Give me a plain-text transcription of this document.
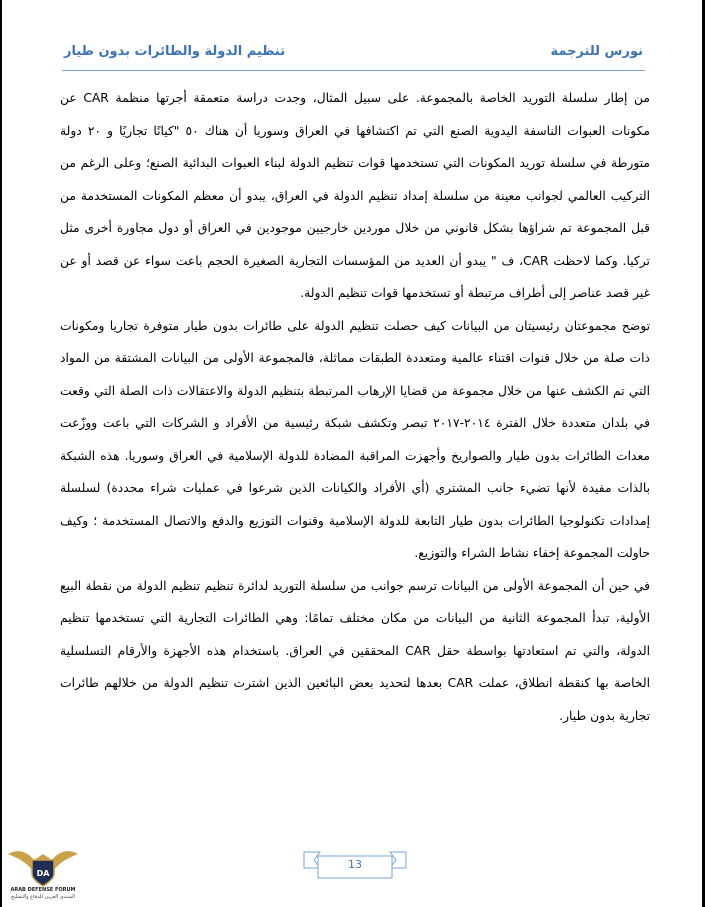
نورس للترجمة
تنظيم الدولة والطائرات بدون طيار

من إطار سلسلة التوريد الخاصة بالمجموعة. على سبيل المثال، وجدت دراسة متعمقة أجرتها منظمة CAR عن مكونات العبوات الناسفة اليدوية الصنع التي تم اكتشافها في العراق وسوريا أن هناك ٥٠ "كيانًا تجاريًا و ٢٠ دولة متورطة في سلسلة توريد المكونات التي تستخدمها قوات تنظيم الدولة لبناء العبوات البدائية الصنع؛ وعلى الرغم من التركيب العالمي لجوانب معينة من سلسلة إمداد تنظيم الدولة في العراق، يبدو أن معظم المكونات المستخدمة من قبل المجموعة تم شراؤها بشكل قانوني من خلال موردين خارجيين موجودين في العراق أو دول مجاورة أخرى مثل تركيا. وكما لاحظت CAR، ف " يبدو أن العديد من المؤسسات التجارية الصغيرة الحجم باعت سواء عن قصد أو عن غير قصد عناصر إلى أطراف مرتبطة أو تستخدمها قوات تنظيم الدولة.

توضح مجموعتان رئيسيتان من البيانات كيف حصلت تنظيم الدولة على طائرات بدون طيار متوفرة تجاريا ومكونات ذات صلة من خلال قنوات اقتناء عالمية ومتعددة الطبقات مماثلة، فالمجموعة الأولى من البيانات المشتقة من المواد التي تم الكشف عنها من خلال مجموعة من قضايا الإرهاب المرتبطة بتنظيم الدولة والاعتقالات ذات الصلة التي وقعت في بلدان متعددة خلال الفترة ٢٠١٤-٢٠١٧ تبصر وتكشف شبكة رئيسية من الأفراد و الشركات التي باعت ووزّعت معدات الطائرات بدون طيار والصواريخ وأجهزت المراقبة المضادة للدولة الإسلامية في العراق وسوريا. هذه الشبكة بالذات مفيدة لأنها تضيء جانب المشتري (أي الأفراد والكيانات الذين شرعوا في عمليات شراء محددة) لسلسلة إمدادات تكنولوجيا الطائرات بدون طيار التابعة للدولة الإسلامية وقنوات التوزيع والدفع والاتصال المستخدمة ؛ وكيف حاولت المجموعة إخفاء نشاط الشراء والتوزيع.

في حين أن المجموعة الأولى من البيانات ترسم جوانب من سلسلة التوريد لدائرة تنظيم تنظيم الدولة من نقطة البيع الأولية، تبدأ المجموعة الثانية من البيانات من مكان مختلف تمامًا: وهي الطائرات التجارية التي تستخدمها تنظيم الدولة، والتي تم استعادتها بواسطة حقل CAR المحققين في العراق. باستخدام هذه الأجهزة والأرقام التسلسلية الخاصة بها كنقطة انطلاق، عملت CAR بعدها لتحديد بعض البائعين الذين اشترت تنظيم الدولة من خلالهم طائرات تجارية بدون طيار.

13
DA
ARAB DEFENSE FORUM
المنتدى العربي للدفاع والتسليح
